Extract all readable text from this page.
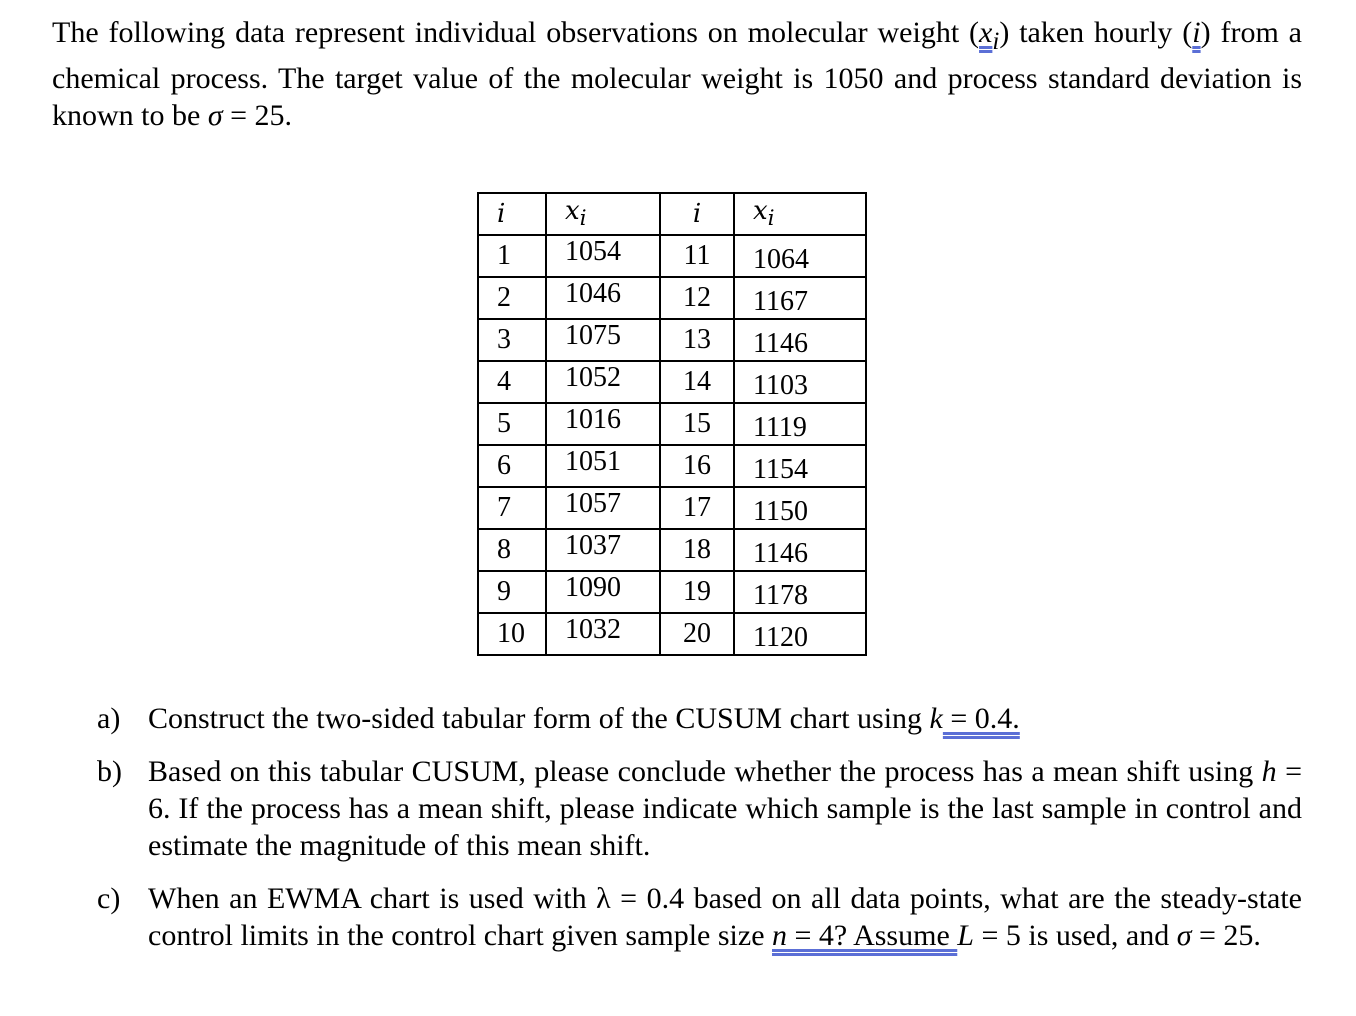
The following data represent individual observations on molecular weight $(x_i)$ taken hourly (i) from a chemical process. The target value of the molecular weight is 1050 and process standard deviation is known to be σ = 25.
i	$x_i$	i	$x_i$
1	1054	11	1064
2	1046	12	1167
3	1075	13	1146
4	1052	14	1103
5	1016	15	1119
6	1051	16	1154
7	1057	17	1150
8	1037	18	1146
9	1090	19	1178
10	1032	20	1120
a) Construct the two-sided tabular form of the CUSUM chart using k = 0.4.
b) Based on this tabular CUSUM, please conclude whether the process has a mean shift using h = 6. If the process has a mean shift, please indicate which sample is the last sample in control and estimate the magnitude of this mean shift.
c) When an EWMA chart is used with λ = 0.4 based on all data points, what are the steady-state control limits in the control chart given sample size n = 4? Assume L = 5 is used, and σ = 25.
